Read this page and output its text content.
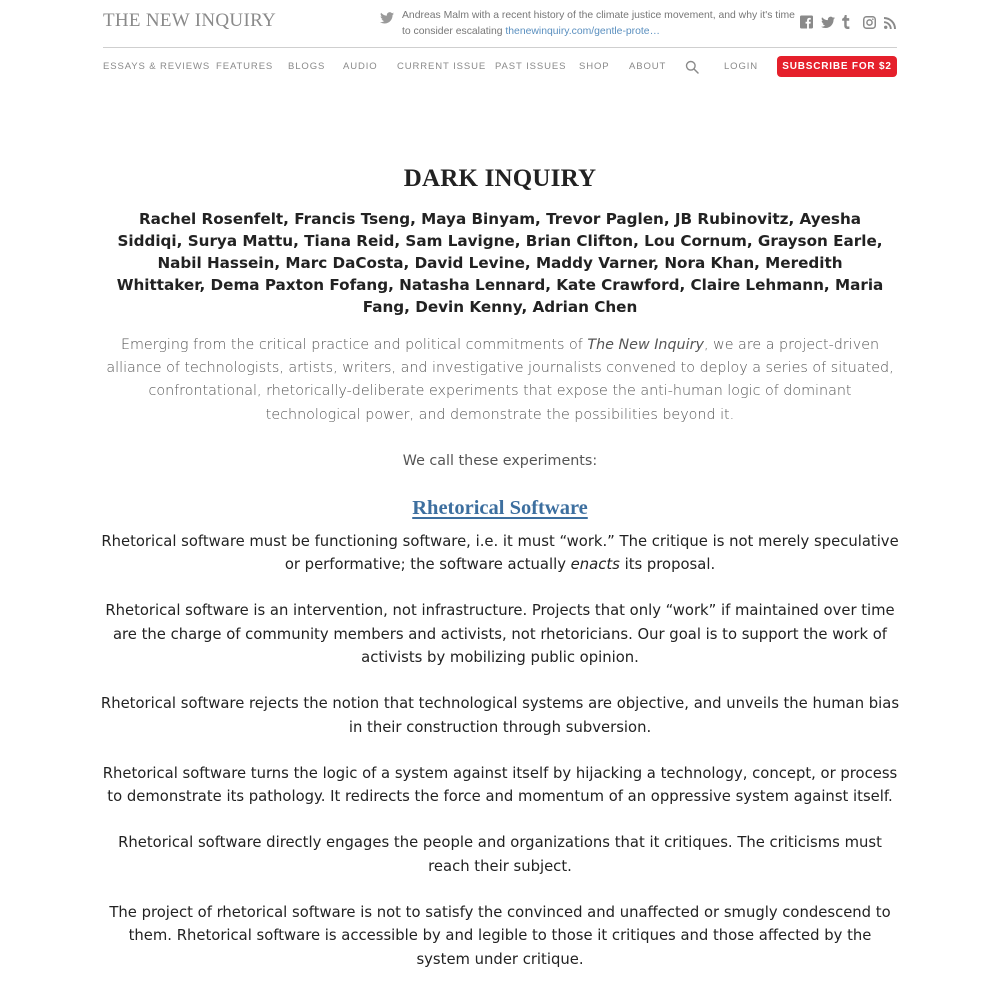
THE NEW INQUIRY	Andreas Malm with a recent history of the climate justice movement, and why it's time to consider escalating thenewinquiry.com/gentle-prote…
ESSAYS & REVIEWS FEATURES BLOGS AUDIO CURRENT ISSUE PAST ISSUES SHOP ABOUT	LOGIN	SUBSCRIBE FOR $2
DARK INQUIRY

Rachel Rosenfelt, Francis Tseng, Maya Binyam, Trevor Paglen, JB Rubinovitz, Ayesha Siddiqi, Surya Mattu, Tiana Reid, Sam Lavigne, Brian Clifton, Lou Cornum, Grayson Earle, Nabil Hassein, Marc DaCosta, David Levine, Maddy Varner, Nora Khan, Meredith Whittaker, Dema Paxton Fofang, Natasha Lennard, Kate Crawford, Claire Lehmann, Maria Fang, Devin Kenny, Adrian Chen

Emerging from the critical practice and political commitments of The New Inquiry, we are a project-driven alliance of technologists, artists, writers, and investigative journalists convened to deploy a series of situated, confrontational, rhetorically-deliberate experiments that expose the anti-human logic of dominant technological power, and demonstrate the possibilities beyond it.

We call these experiments:

Rhetorical Software
Rhetorical software must be functioning software, i.e. it must “work.” The critique is not merely speculative or performative; the software actually enacts its proposal.
Rhetorical software is an intervention, not infrastructure. Projects that only “work” if maintained over time are the charge of community members and activists, not rhetoricians. Our goal is to support the work of activists by mobilizing public opinion.
Rhetorical software rejects the notion that technological systems are objective, and unveils the human bias in their construction through subversion.
Rhetorical software turns the logic of a system against itself by hijacking a technology, concept, or process to demonstrate its pathology. It redirects the force and momentum of an oppressive system against itself.
Rhetorical software directly engages the people and organizations that it critiques. The criticisms must reach their subject.
The project of rhetorical software is not to satisfy the convinced and unaffected or smugly condescend to them. Rhetorical software is accessible by and legible to those it critiques and those affected by the system under critique.
